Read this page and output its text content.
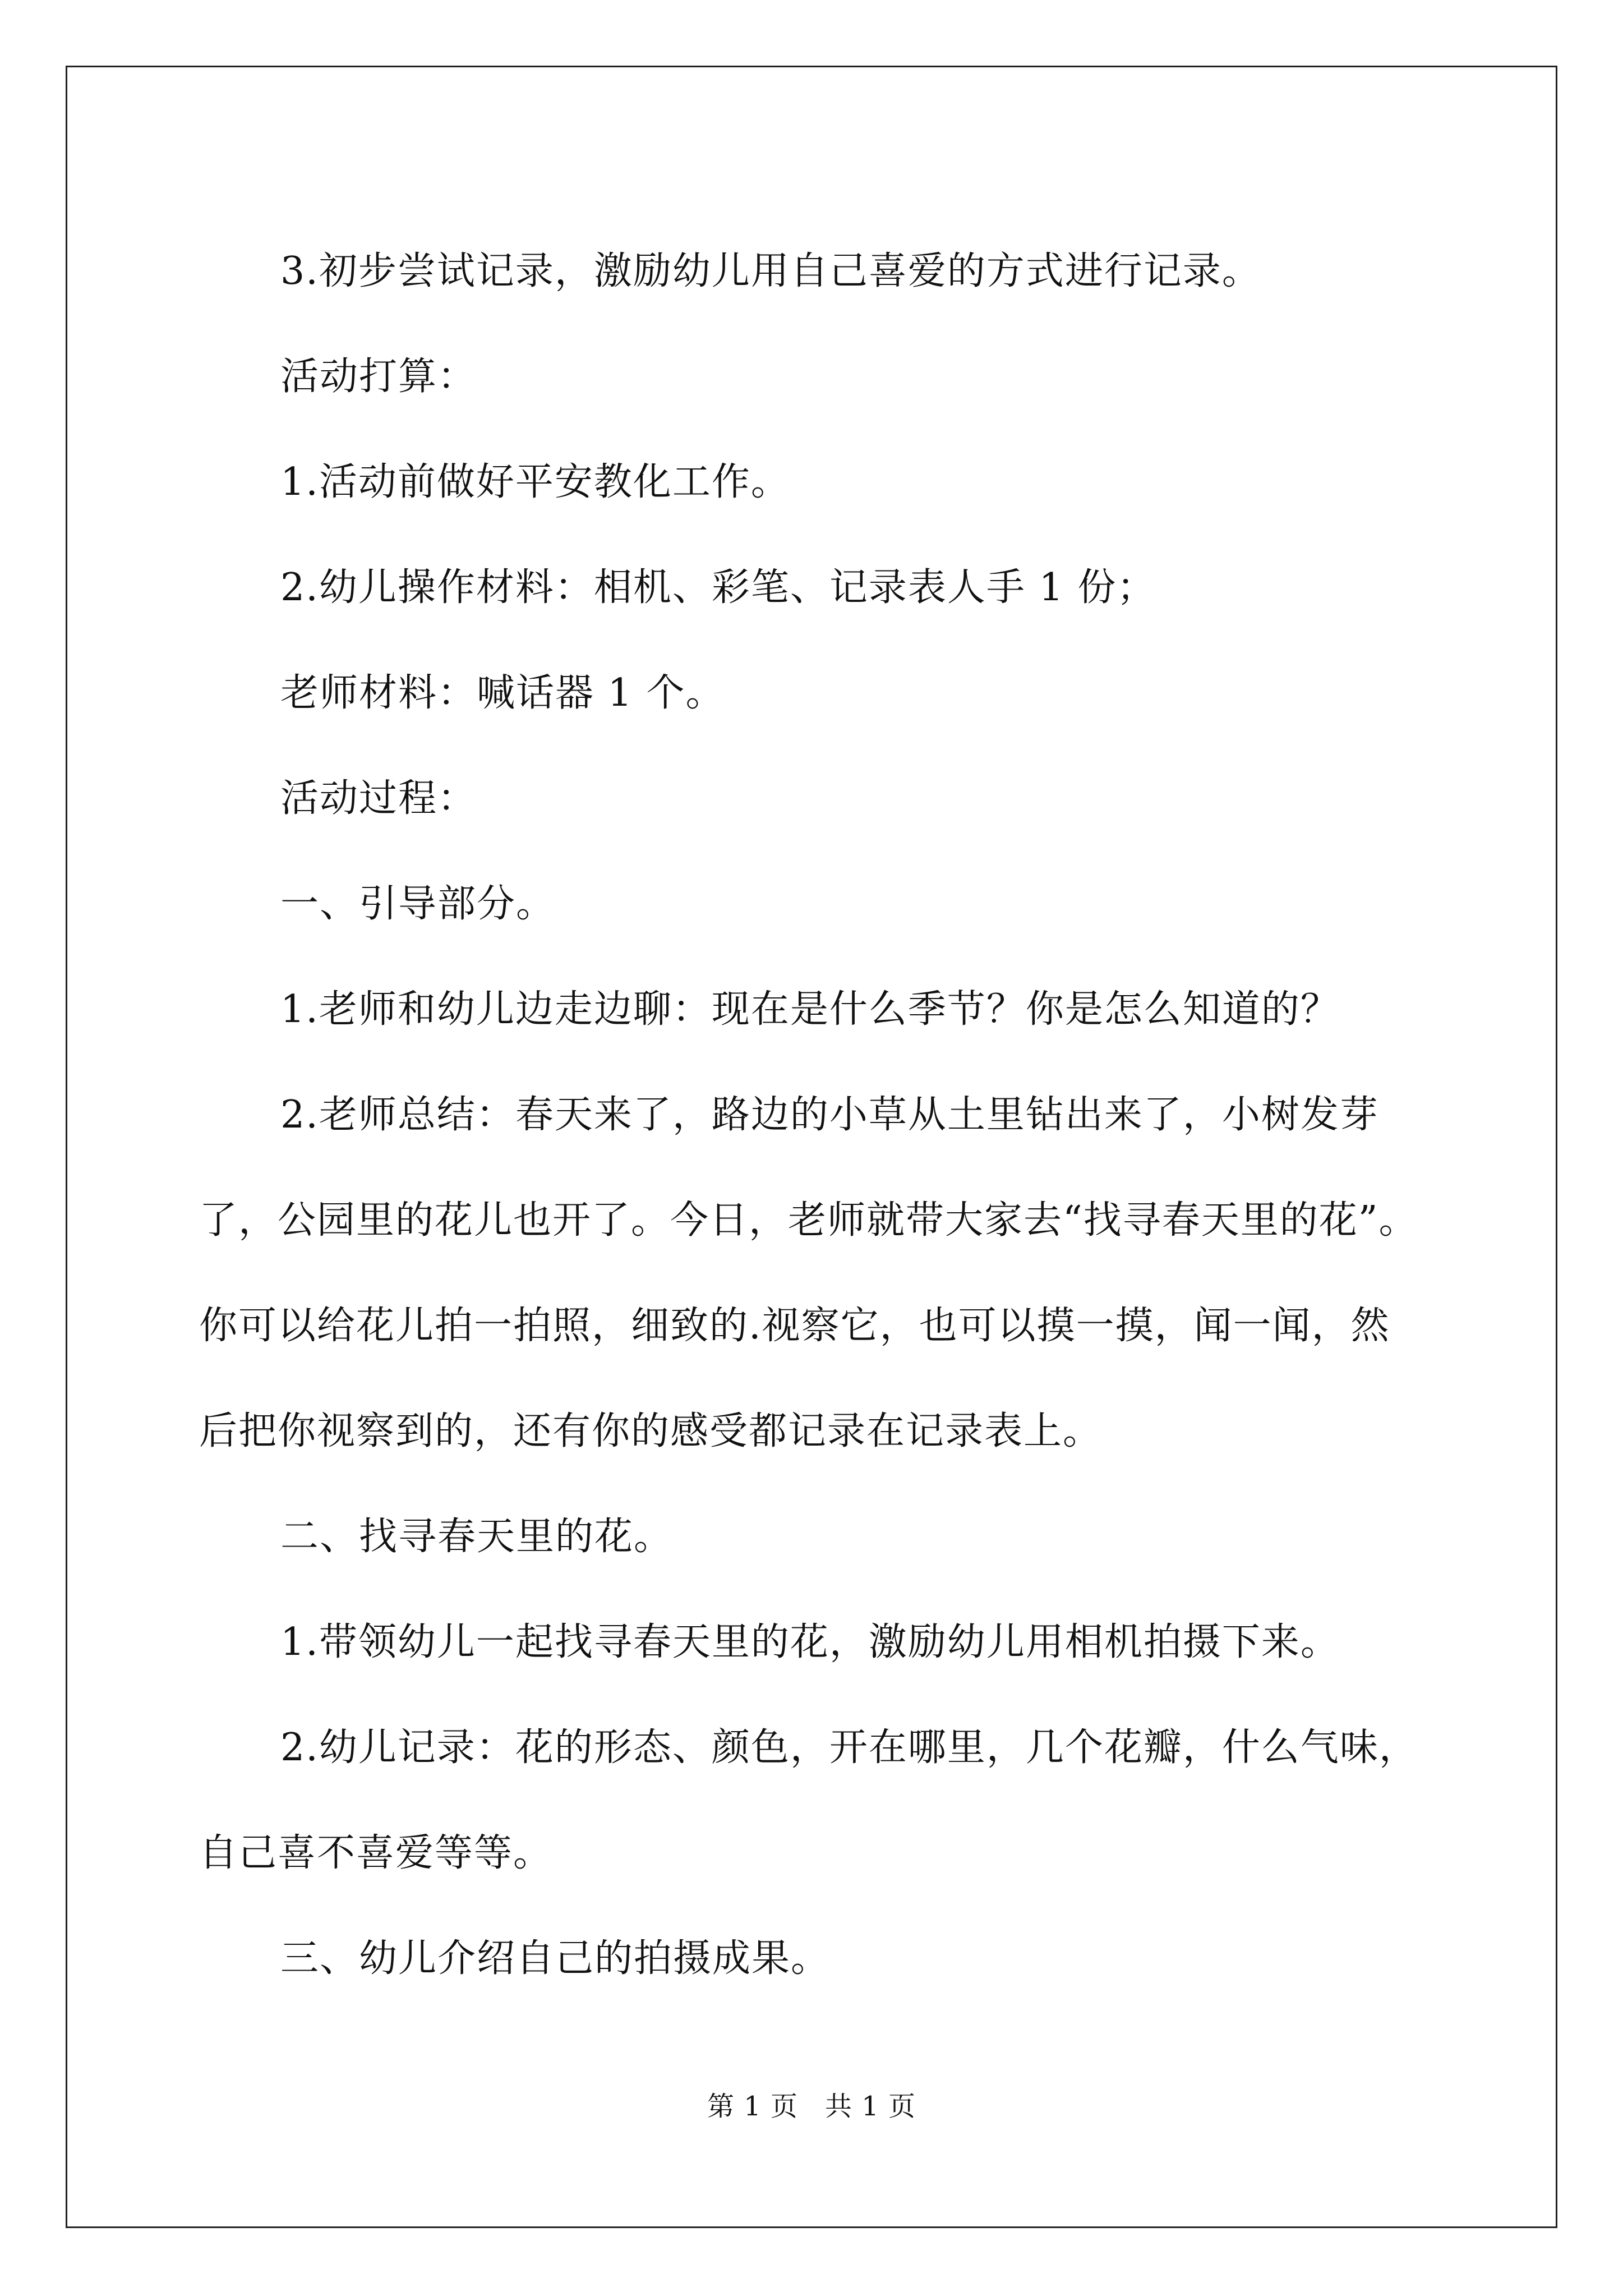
3.初步尝试记录，激励幼儿用自己喜爱的方式进行记录。

活动打算：

1.活动前做好平安教化工作。

2.幼儿操作材料：相机、彩笔、记录表人手 1 份；

老师材料：喊话器 1 个。

活动过程：

一、引导部分。

1.老师和幼儿边走边聊：现在是什么季节？你是怎么知道的？

2.老师总结：春天来了，路边的小草从土里钻出来了，小树发芽

了，公园里的花儿也开了。今日，老师就带大家去“找寻春天里的花”。

你可以给花儿拍一拍照，细致的.视察它，也可以摸一摸，闻一闻，然

后把你视察到的，还有你的感受都记录在记录表上。

二、找寻春天里的花。

1.带领幼儿一起找寻春天里的花，激励幼儿用相机拍摄下来。

2.幼儿记录：花的形态、颜色，开在哪里，几个花瓣，什么气味，

自己喜不喜爱等等。

三、幼儿介绍自己的拍摄成果。

第 1 页 共 1 页
